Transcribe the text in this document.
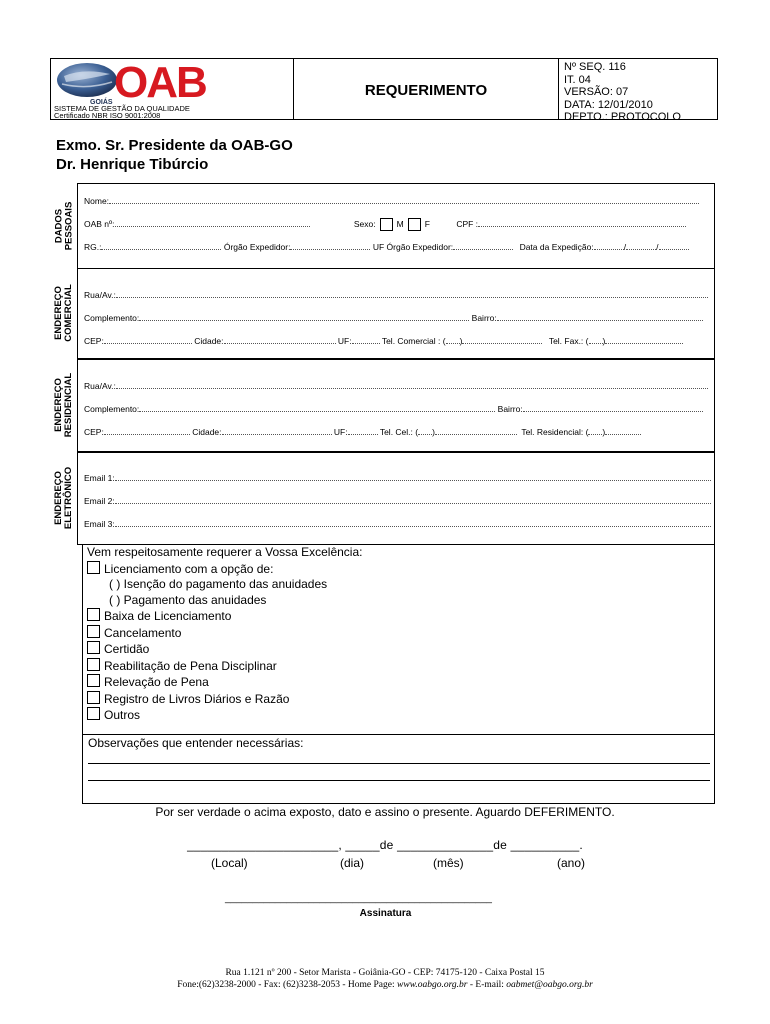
OAB
GOIÁS
SISTEMA DE GESTÃO DA QUALIDADE
Certificado NBR ISO 9001:2008
REQUERIMENTO
Nº SEQ. 116
IT. 04
VERSÃO: 07
DATA: 12/01/2010
DEPTO.: PROTOCOLO
Exmo. Sr. Presidente da OAB-GO
Dr. Henrique Tibúrcio
DADOS
PESSOAIS
Nome:
OAB nº:	Sexo: M F	CPF :
RG.:	Órgão Expedidor:	UF Órgão Expedidor:	Data da Expedição:	/	/
ENDEREÇO
COMERCIAL Rua/Av.:
Complemento:	Bairro:
CEP:	Cidade:	UF:	Tel. Comercial : ( )	Tel. Fax.: ( )
ENDEREÇO
RESIDENCIAL Rua/Av.:
Complemento:	Bairro:
CEP:	Cidade:	UF:	Tel. Cel.: ( )	Tel. Residencial: ( )
ENDEREÇO
ELETRÔNICO Email 1:
Email 2:
Email 3:
Vem respeitosamente requerer a Vossa Excelência:
Licenciamento com a opção de:
( ) Isenção do pagamento das anuidades
( ) Pagamento das anuidades
Baixa de Licenciamento
Cancelamento
Certidão
Reabilitação de Pena Disciplinar
Relevação de Pena
Registro de Livros Diários e Razão
Outros
Observações que entender necessárias:
Por ser verdade o acima exposto, dato e assino o presente. Aguardo DEFERIMENTO.
______________________, _____de ______________de __________.
(Local)	(dia)	(mês)	(ano)
________________________________________________
Assinatura
Rua 1.121 nº 200 - Setor Marista - Goiânia-GO - CEP: 74175-120 - Caixa Postal 15
Fone:(62)3238-2000 - Fax: (62)3238-2053 - Home Page: www.oabgo.org.br - E-mail: oabmet@oabgo.org.br
